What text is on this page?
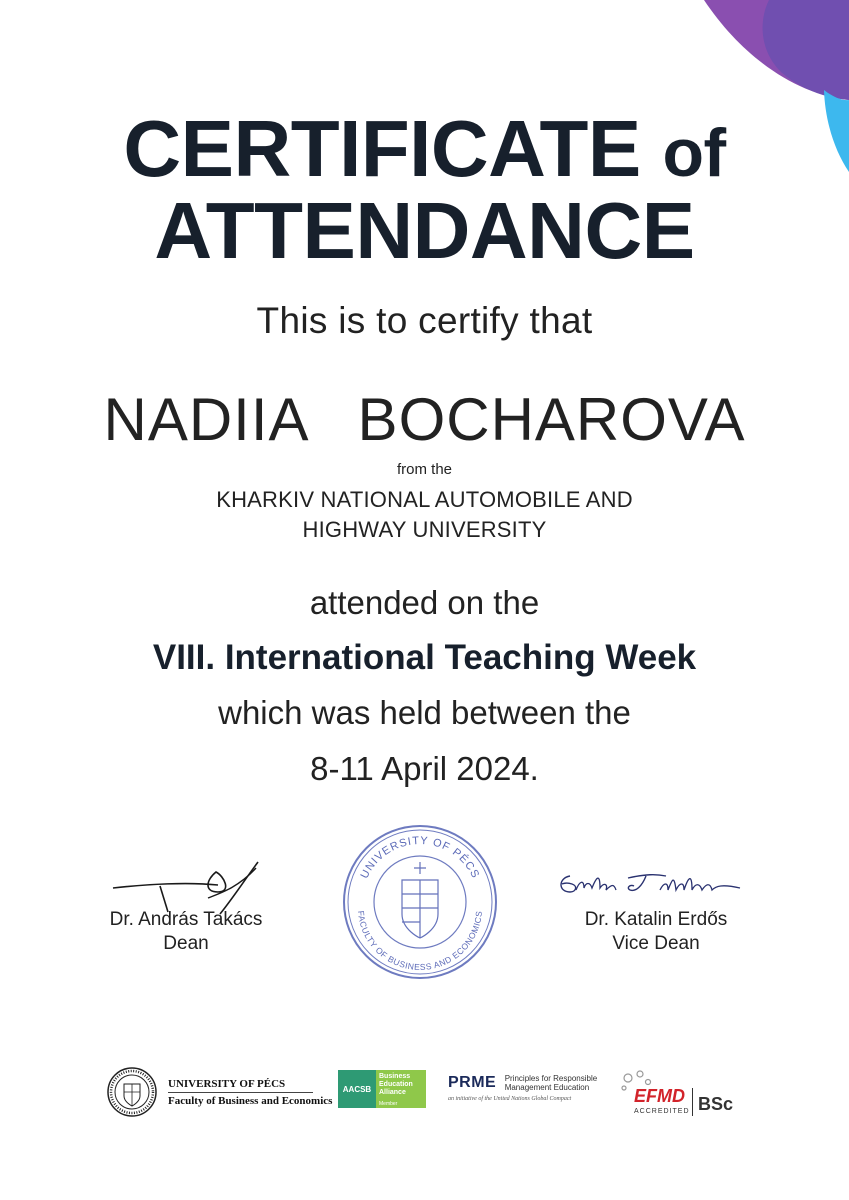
CERTIFICATE of
ATTENDANCE
This is to certify that
NADIIA  BOCHAROVA
from the
KHARKIV NATIONAL AUTOMOBILE AND
HIGHWAY UNIVERSITY
attended on the
VIII. International Teaching Week
which was held between the
8-11 April 2024.
Dr. András Takács
Dean
UNIVERSITY OF PÉCS
FACULTY OF BUSINESS AND ECONOMICS	Dr. Katalin Erdős
Vice Dean
UNIVERSITY OF PÉCS
Faculty of Business and Economics
AACSB
Business Education Alliance
Member
PRME Principles for Responsible
Management Education
an initiative of the United Nations Global Compact	EFMD
ACCREDITED BSc
